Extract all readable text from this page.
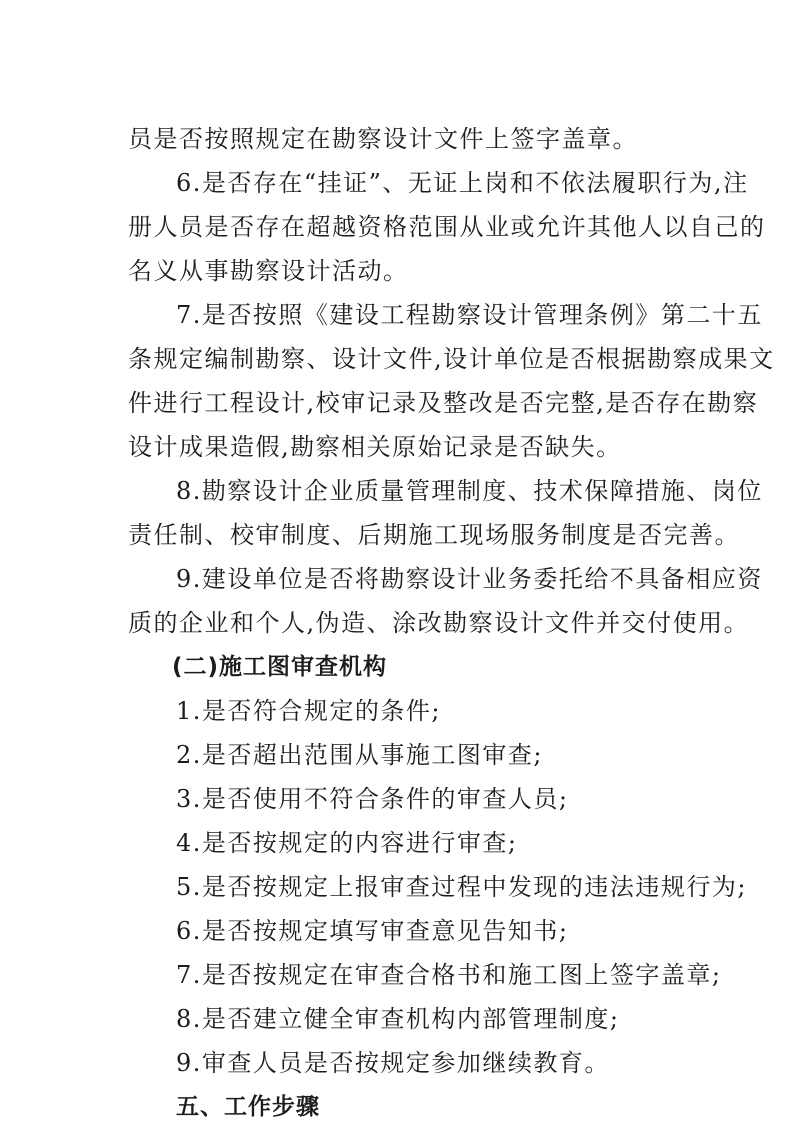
员是否按照规定在勘察设计文件上签字盖章。
6.是否存在“挂证”、无证上岗和不依法履职行为,注
册人员是否存在超越资格范围从业或允许其他人以自己的
名义从事勘察设计活动。
7.是否按照《建设工程勘察设计管理条例》第二十五
条规定编制勘察、设计文件,设计单位是否根据勘察成果文
件进行工程设计,校审记录及整改是否完整,是否存在勘察
设计成果造假,勘察相关原始记录是否缺失。
8.勘察设计企业质量管理制度、技术保障措施、岗位
责任制、校审制度、后期施工现场服务制度是否完善。
9.建设单位是否将勘察设计业务委托给不具备相应资
质的企业和个人,伪造、涂改勘察设计文件并交付使用。
(二)施工图审查机构
1.是否符合规定的条件;
2.是否超出范围从事施工图审查;
3.是否使用不符合条件的审查人员;
4.是否按规定的内容进行审查;
5.是否按规定上报审查过程中发现的违法违规行为;
6.是否按规定填写审查意见告知书;
7.是否按规定在审查合格书和施工图上签字盖章;
8.是否建立健全审查机构内部管理制度;
9.审查人员是否按规定参加继续教育。
五、工作步骤
